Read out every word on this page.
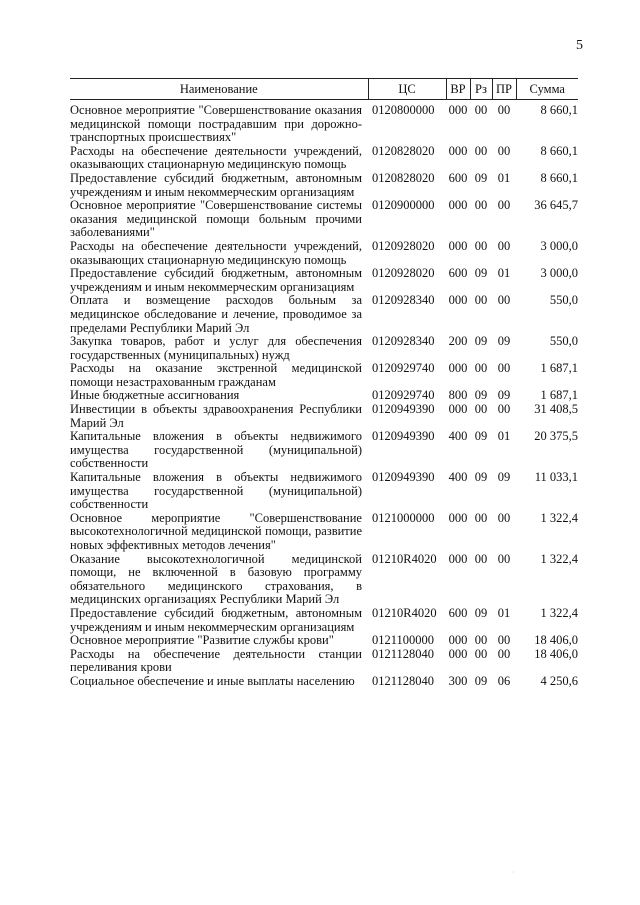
5
Наименование	ЦС	ВР	Рз	ПР	Сумма
Основное мероприятие "Совершенствование оказания медицинской помощи пострадавшим при дорожно-транспортных происшествиях"	0120800000	000	00	00	8 660,1
Расходы на обеспечение деятельности учреждений, оказывающих стационарную медицинскую помощь	0120828020	000	00	00	8 660,1
Предоставление субсидий бюджетным, автономным учреждениям и иным некоммерческим организациям	0120828020	600	09	01	8 660,1
Основное мероприятие "Совершенствование системы оказания медицинской помощи больным прочими заболеваниями"	0120900000	000	00	00	36 645,7
Расходы на обеспечение деятельности учреждений, оказывающих стационарную медицинскую помощь	0120928020	000	00	00	3 000,0
Предоставление субсидий бюджетным, автономным учреждениям и иным некоммерческим организациям	0120928020	600	09	01	3 000,0
Оплата и возмещение расходов больным за медицинское обследование и лечение, проводимое за пределами Республики Марий Эл	0120928340	000	00	00	550,0
Закупка товаров, работ и услуг для обеспечения государственных (муниципальных) нужд	0120928340	200	09	09	550,0
Расходы на оказание экстренной медицинской помощи незастрахованным гражданам	0120929740	000	00	00	1 687,1
Иные бюджетные ассигнования	0120929740	800	09	09	1 687,1
Инвестиции в объекты здравоохранения Республики Марий Эл	0120949390	000	00	00	31 408,5
Капитальные вложения в объекты недвижимого имущества государственной (муниципальной) собственности	0120949390	400	09	01	20 375,5
Капитальные вложения в объекты недвижимого имущества государственной (муниципальной) собственности	0120949390	400	09	09	11 033,1
Основное мероприятие "Совершенствование высокотехнологичной медицинской помощи, развитие новых эффективных методов лечения"	0121000000	000	00	00	1 322,4
Оказание высокотехнологичной медицинской помощи, не включенной в базовую программу обязательного медицинского страхования, в медицинских организациях Республики Марий Эл	01210R4020	000	00	00	1 322,4
Предоставление субсидий бюджетным, автономным учреждениям и иным некоммерческим организациям	01210R4020	600	09	01	1 322,4
Основное мероприятие "Развитие службы крови"	0121100000	000	00	00	18 406,0
Расходы на обеспечение деятельности станции переливания крови	0121128040	000	00	00	18 406,0
Социальное обеспечение и иные выплаты населению	0121128040	300	09	06	4 250,6
·
